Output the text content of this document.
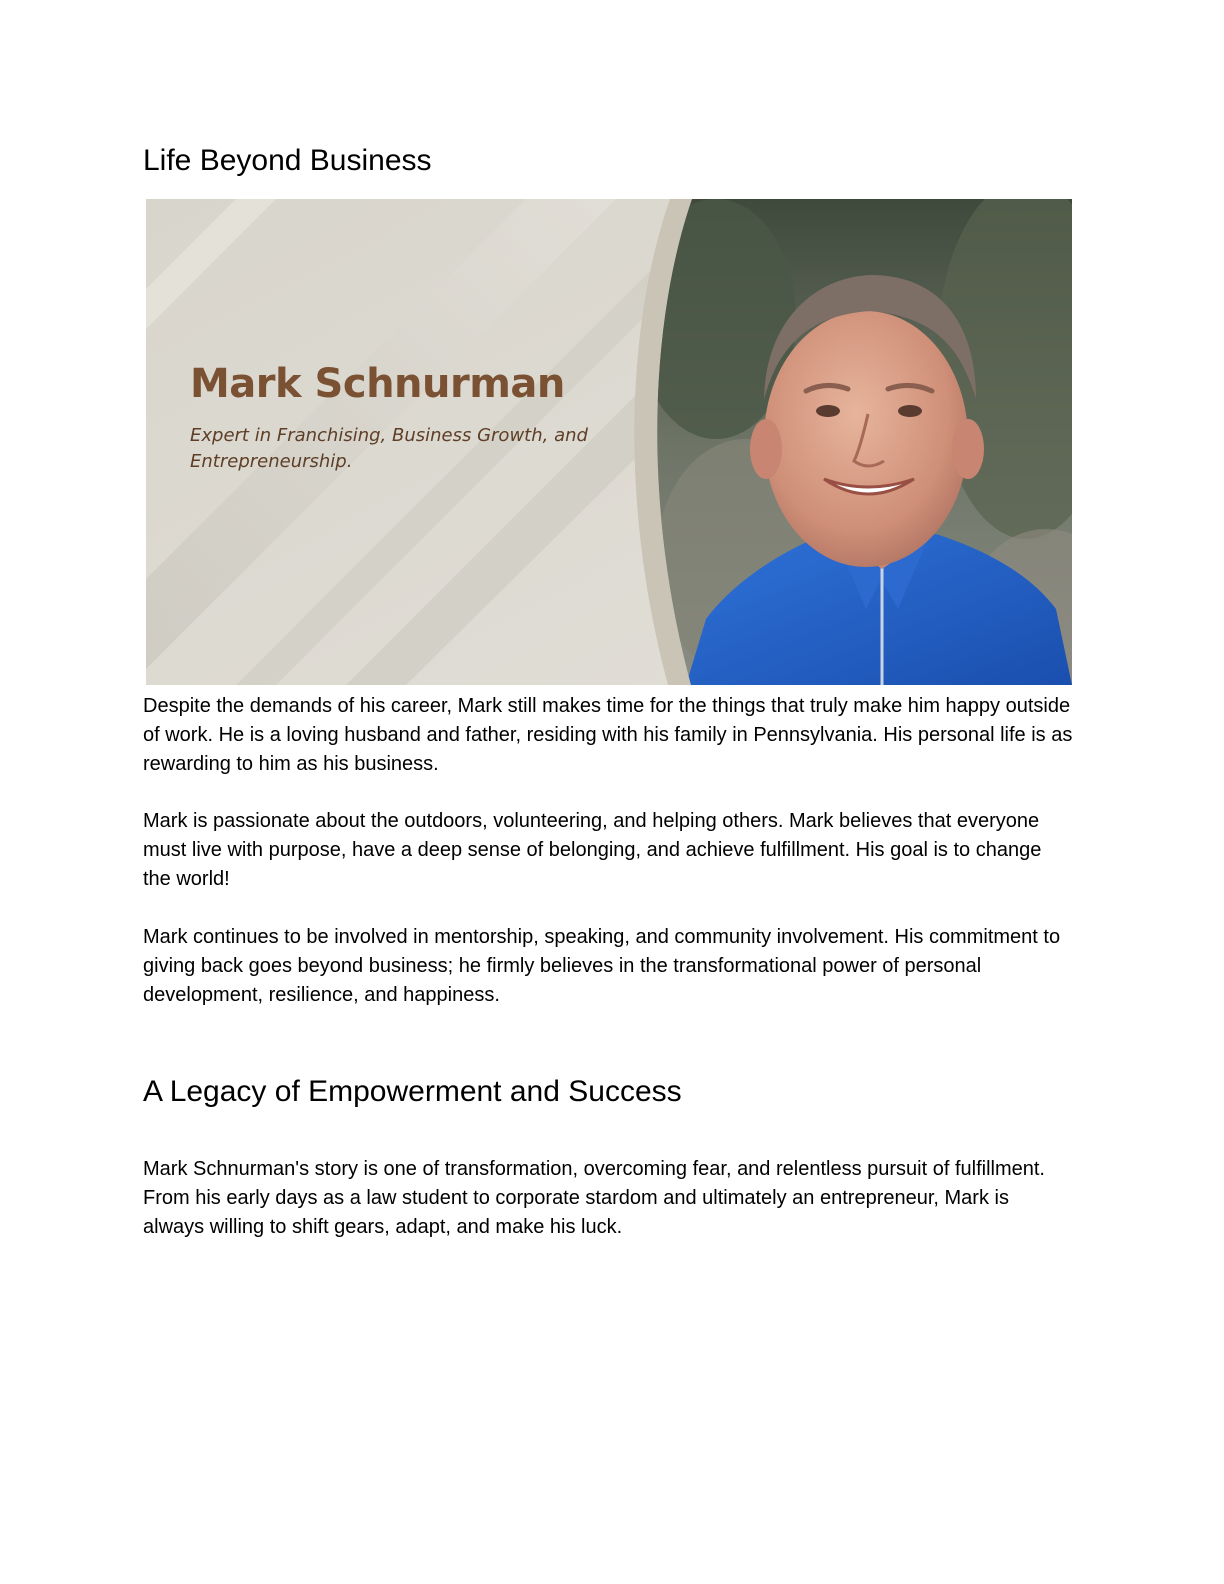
Life Beyond Business
Mark Schnurman

Expert in Franchising, Business Growth, and Entrepreneurship.

Despite the demands of his career, Mark still makes time for the things that truly make him happy outside of work. He is a loving husband and father, residing with his family in Pennsylvania. His personal life is as rewarding to him as his business.

Mark is passionate about the outdoors, volunteering, and helping others. Mark believes that everyone must live with purpose, have a deep sense of belonging, and achieve fulfillment. His goal is to change the world!

Mark continues to be involved in mentorship, speaking, and community involvement. His commitment to giving back goes beyond business; he firmly believes in the transformational power of personal development, resilience, and happiness.

A Legacy of Empowerment and Success

Mark Schnurman's story is one of transformation, overcoming fear, and relentless pursuit of fulfillment. From his early days as a law student to corporate stardom and ultimately an entrepreneur, Mark is always willing to shift gears, adapt, and make his luck.
